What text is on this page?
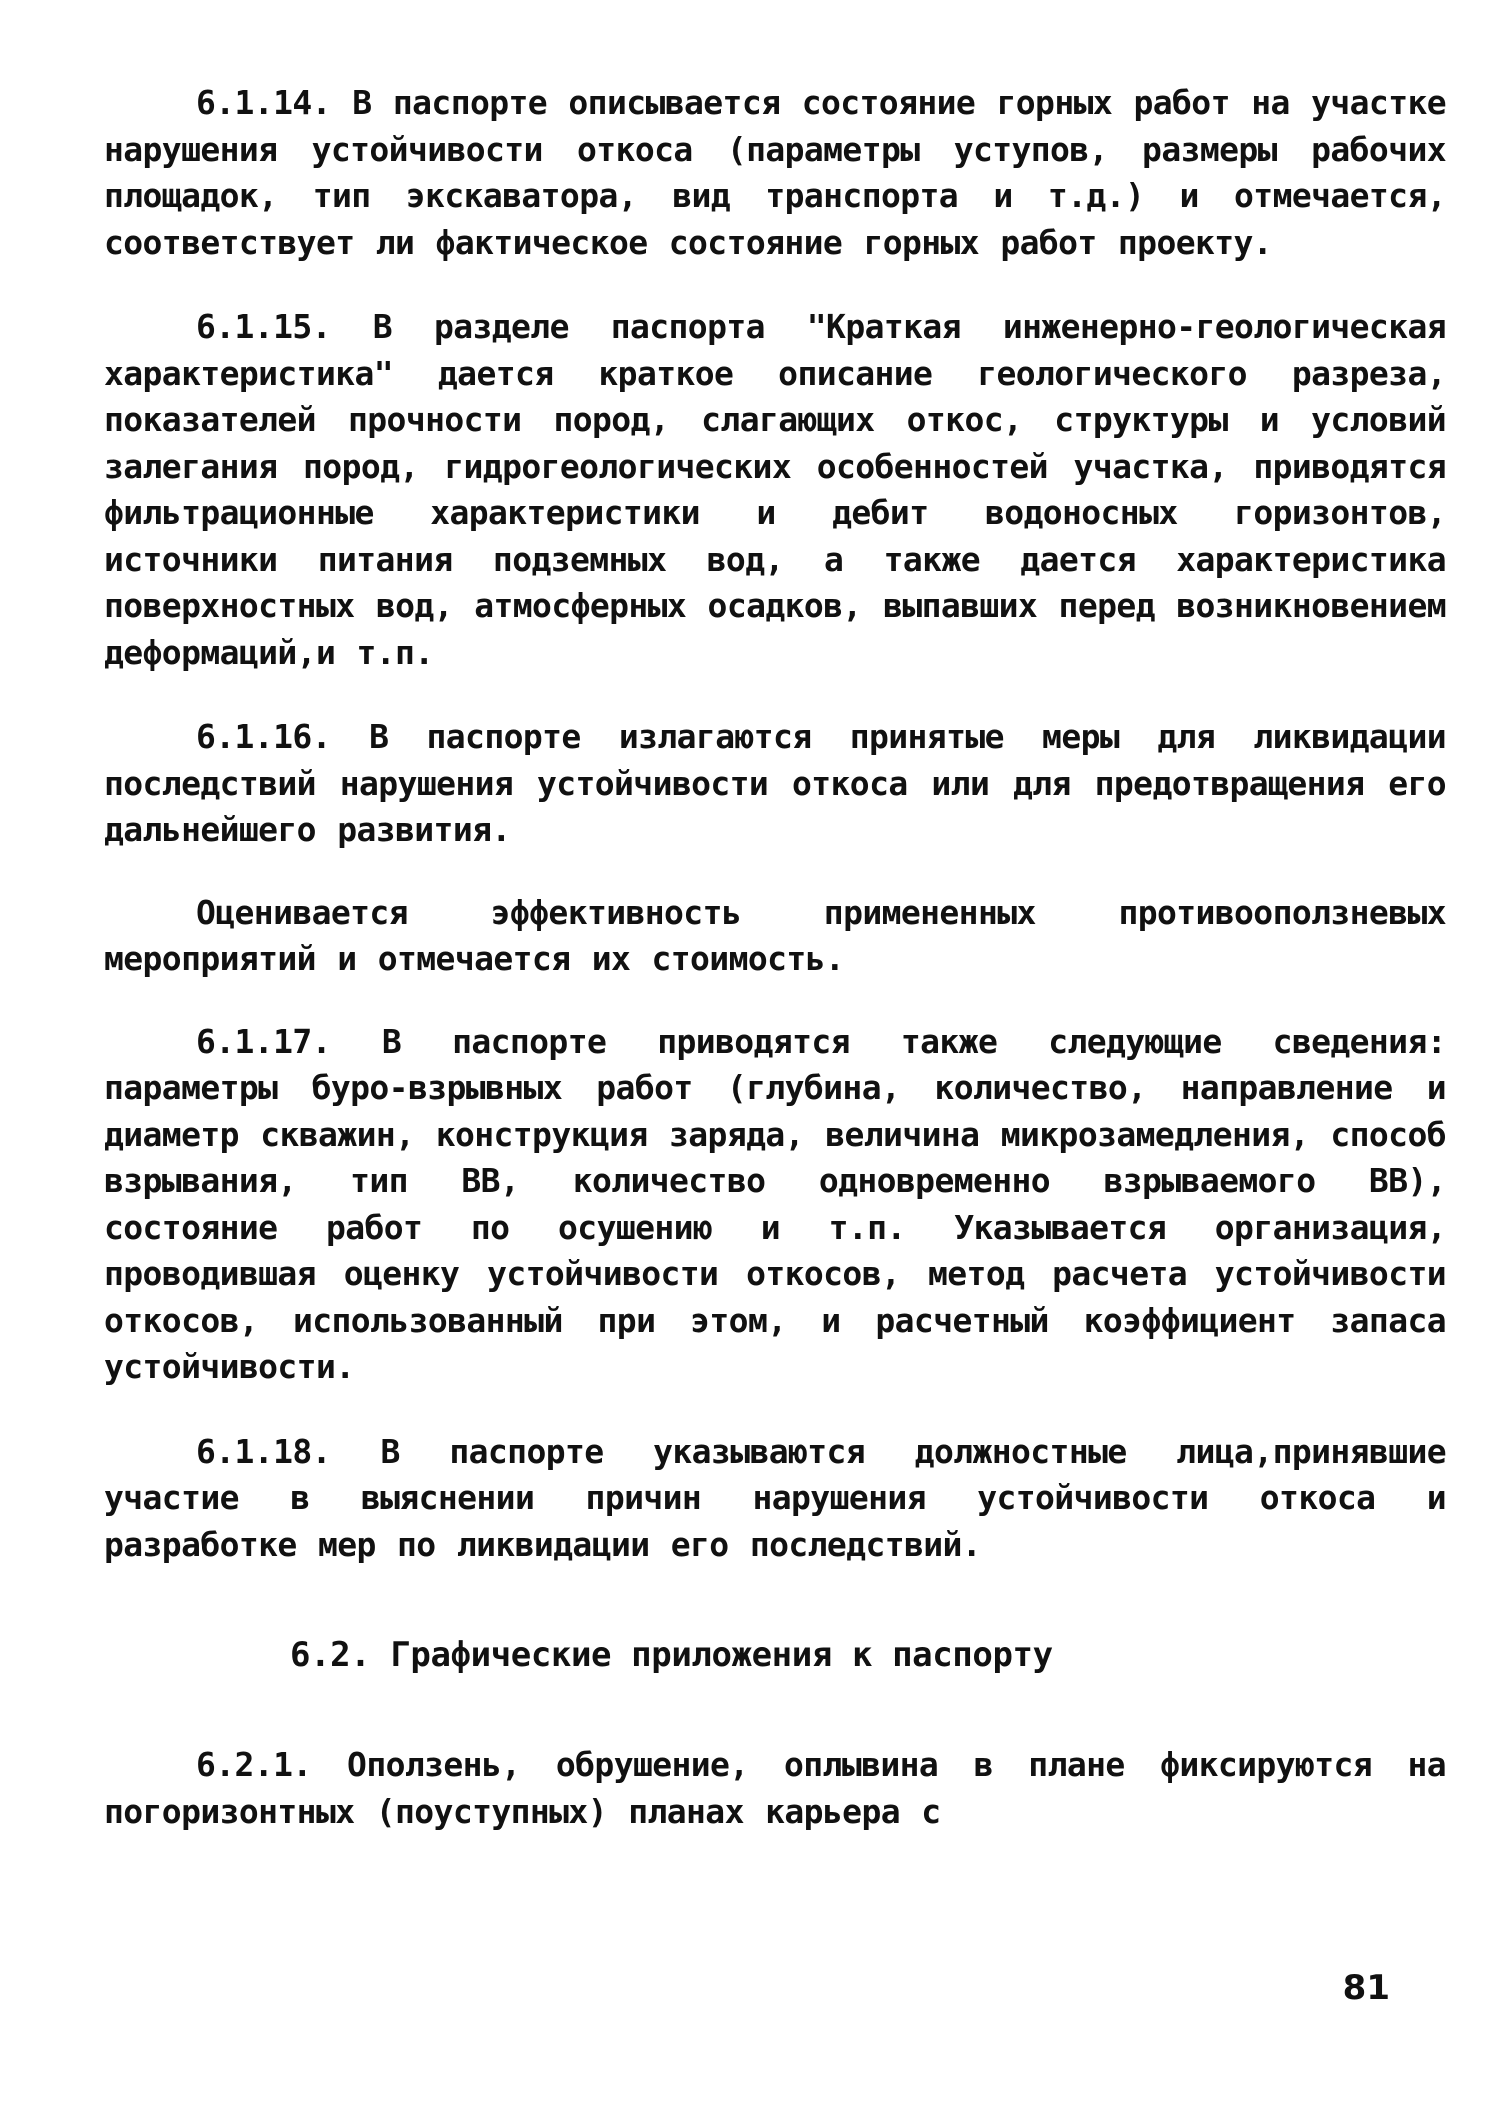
6.1.14. В паспорте описывается состояние горных работ на участке нарушения устойчивости откоса (параметры уступов, размеры рабочих площадок, тип экскаватора, вид транспорта и т.д.) и отмечается, соответствует ли фактическое состояние горных работ проекту.

6.1.15. В разделе паспорта "Краткая инженерно-геологическая характеристика" дается краткое описание геологического разреза, показателей прочности пород, слагающих откос, структуры и условий залегания пород, гидрогеологических особенностей участка, приводятся фильтрационные характеристики и дебит водоносных горизонтов, источники питания подземных вод, а также дается характеристика поверхностных вод, атмосферных осадков, выпавших перед возникновением деформаций,и т.п.

6.1.16. В паспорте излагаются принятые меры для ликвидации последствий нарушения устойчивости откоса или для предотвращения его дальнейшего развития.

Оценивается эффективность примененных противооползневых мероприятий и отмечается их стоимость.

6.1.17. В паспорте приводятся также следующие сведения: параметры буро-взрывных работ (глубина, количество, направление и диаметр скважин, конструкция заряда, величина микрозамедления, способ взрывания, тип ВВ, количество одновременно взрываемого ВВ), состояние работ по осушению и т.п. Указывается организация, проводившая оценку устойчивости откосов, метод расчета устойчивости откосов, использованный при этом, и расчетный коэффициент запаса устойчивости.

6.1.18. В паспорте указываются должностные лица,принявшие участие в выяснении причин нарушения устойчивости откоса и разработке мер по ликвидации его последствий.

6.2. Графические приложения к паспорту

6.2.1. Оползень, обрушение, оплывина в плане фиксируются на погоризонтных (поуступных) планах карьера с

81
